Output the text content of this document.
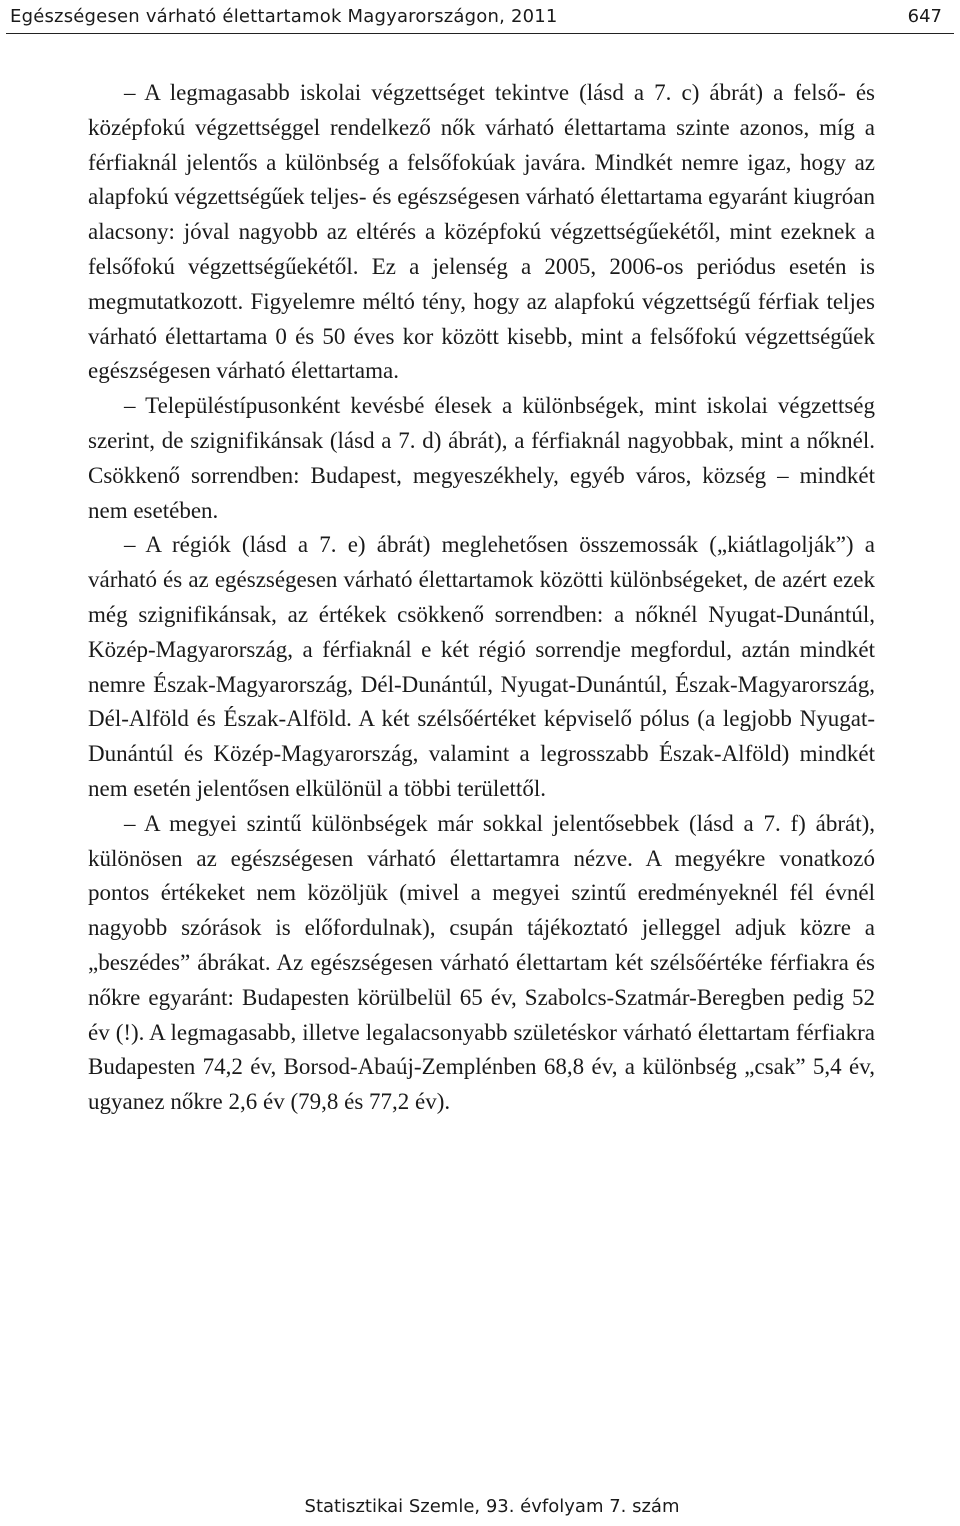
Egészségesen várható élettartamok Magyarországon, 2011	647

– A legmagasabb iskolai végzettséget tekintve (lásd a 7. c) ábrát) a felső- és középfokú végzettséggel rendelkező nők várható élettartama szinte azonos, míg a férfiaknál jelentős a különbség a felsőfokúak javára. Mindkét nemre igaz, hogy az alapfokú végzettségűek teljes- és egészségesen várható élettartama egyaránt kiugróan alacsony: jóval nagyobb az eltérés a középfokú végzettségűekétől, mint ezeknek a felsőfokú végzettségűekétől. Ez a jelenség a 2005, 2006-os periódus esetén is megmutatkozott. Figyelemre méltó tény, hogy az alapfokú végzettségű férfiak teljes várható élettartama 0 és 50 éves kor között kisebb, mint a felsőfokú végzettségűek egészségesen várható élettartama.

– Településtípusonként kevésbé élesek a különbségek, mint iskolai végzettség szerint, de szignifikánsak (lásd a 7. d) ábrát), a férfiaknál nagyobbak, mint a nőknél. Csökkenő sorrendben: Budapest, megyeszékhely, egyéb város, község – mindkét nem esetében.

– A régiók (lásd a 7. e) ábrát) meglehetősen összemossák („kiátlagolják”) a várható és az egészségesen várható élettartamok közötti különbségeket, de azért ezek még szignifikánsak, az értékek csökkenő sorrendben: a nőknél Nyugat-Dunántúl, Közép-Magyarország, a férfiaknál e két régió sorrendje megfordul, aztán mindkét nemre Észak-Magyarország, Dél-Dunántúl, Nyugat-Dunántúl, Észak-Magyarország, Dél-Alföld és Észak-Alföld. A két szélsőértéket képviselő pólus (a legjobb Nyugat-Dunántúl és Közép-Magyarország, valamint a legrosszabb Észak-Alföld) mindkét nem esetén jelentősen elkülönül a többi területtől.

– A megyei szintű különbségek már sokkal jelentősebbek (lásd a 7. f) ábrát), különösen az egészségesen várható élettartamra nézve. A megyékre vonatkozó pontos értékeket nem közöljük (mivel a megyei szintű eredményeknél fél évnél nagyobb szórások is előfordulnak), csupán tájékoztató jelleggel adjuk közre a „beszédes” ábrákat. Az egészségesen várható élettartam két szélsőértéke férfiakra és nőkre egyaránt: Budapesten körülbelül 65 év, Szabolcs-Szatmár-Beregben pedig 52 év (!). A legmagasabb, illetve legalacsonyabb születéskor várható élettartam férfiakra Budapesten 74,2 év, Borsod-Abaúj-Zemplénben 68,8 év, a különbség „csak” 5,4 év, ugyanez nőkre 2,6 év (79,8 és 77,2 év).

Statisztikai Szemle, 93. évfolyam 7. szám
